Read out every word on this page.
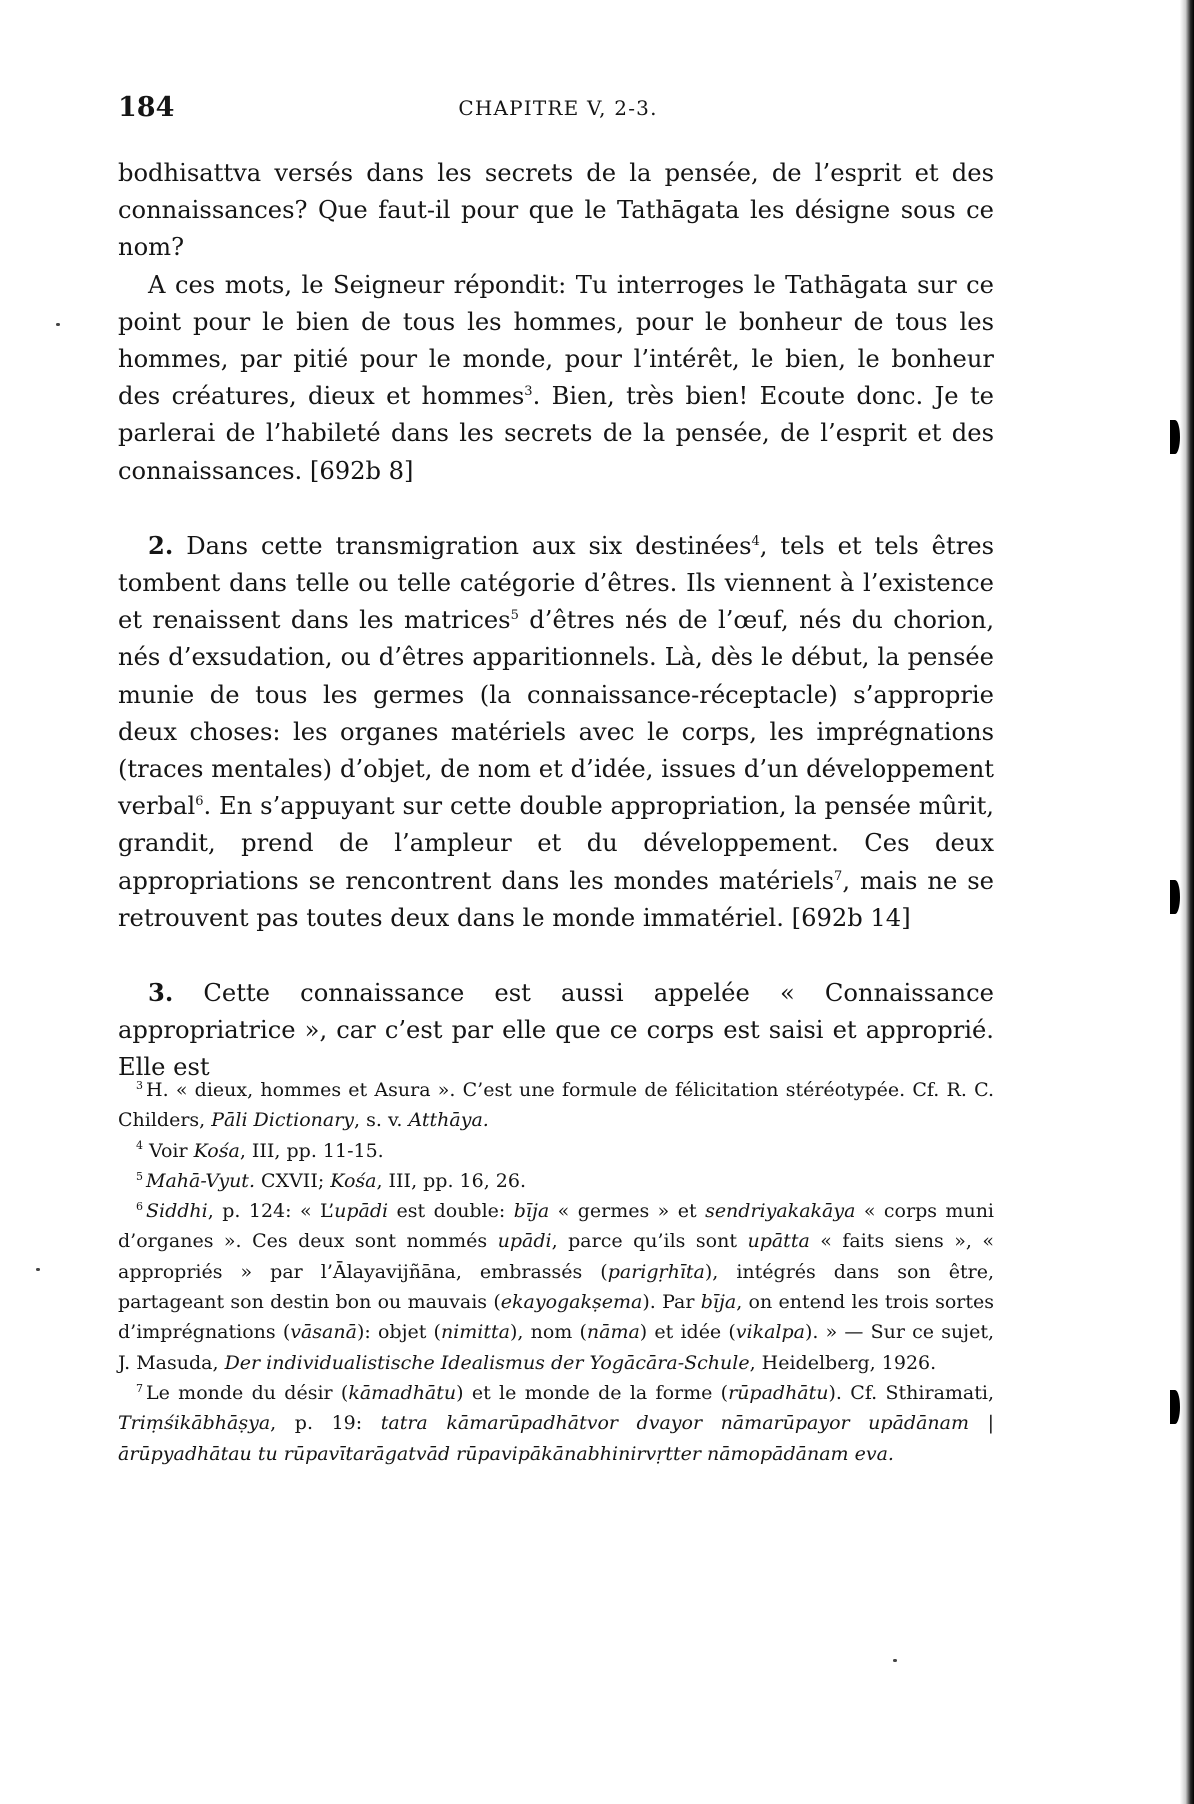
184	CHAPITRE V, 2-3.

bodhisattva versés dans les secrets de la pensée, de l’esprit et des connaissances? Que faut-il pour que le Tathāgata les désigne sous ce nom?

A ces mots, le Seigneur répondit: Tu interroges le Tathāgata sur ce point pour le bien de tous les hommes, pour le bonheur de tous les hommes, par pitié pour le monde, pour l’intérêt, le bien, le bonheur des créatures, dieux et hommes$^3$. Bien, très bien! Ecoute donc. Je te parlerai de l’habileté dans les secrets de la pensée, de l’esprit et des connaissances. [692b 8]

2. Dans cette transmigration aux six destinées$^4$, tels et tels êtres tombent dans telle ou telle catégorie d’êtres. Ils viennent à l’existence et renaissent dans les matrices$^5$ d’êtres nés de l’œuf, nés du chorion, nés d’exsudation, ou d’êtres apparitionnels. Là, dès le début, la pensée munie de tous les germes (la connaissance-réceptacle) s’approprie deux choses: les organes matériels avec le corps, les imprégnations (traces mentales) d’objet, de nom et d’idée, issues d’un développement verbal$^6$. En s’appuyant sur cette double appropriation, la pensée mûrit, grandit, prend de l’ampleur et du développement. Ces deux appropriations se rencontrent dans les mondes matériels$^7$, mais ne se retrouvent pas toutes deux dans le monde immatériel. [692b 14]

3. Cette connaissance est aussi appelée « Connaissance appropriatrice », car c’est par elle que ce corps est saisi et approprié. Elle est

$^3$ H. « dieux, hommes et Asura ». C’est une formule de félicitation stéréotypée. Cf. R. C. Childers, Pāli Dictionary, s. v. Atthāya.

$^4$ Voir Kośa, III, pp. 11-15.

$^5$ Mahā-Vyut. CXVII; Kośa, III, pp. 16, 26.

$^6$ Siddhi, p. 124: « L’upādi est double: bīja « germes » et sendriyakakāya « corps muni d’organes ». Ces deux sont nommés upādi, parce qu’ils sont upātta « faits siens », « appropriés » par l’Ālayavijñāna, embrassés (parigṛhīta), intégrés dans son être, partageant son destin bon ou mauvais (ekayogakṣema). Par bīja, on entend les trois sortes d’imprégnations (vāsanā): objet (nimitta), nom (nāma) et idée (vikalpa). » — Sur ce sujet, J. Masuda, Der individualistische Idealismus der Yogācāra-Schule, Heidelberg, 1926.

$^7$ Le monde du désir (kāmadhātu) et le monde de la forme (rūpadhātu). Cf. Sthiramati, Triṃśikābhāṣya, p. 19: tatra kāmarūpadhātvor dvayor nāmarūpayor upādānam | ārūpyadhātau tu rūpavītarāgatvād rūpavipākānabhinirvṛtter nāmopādānam eva.
